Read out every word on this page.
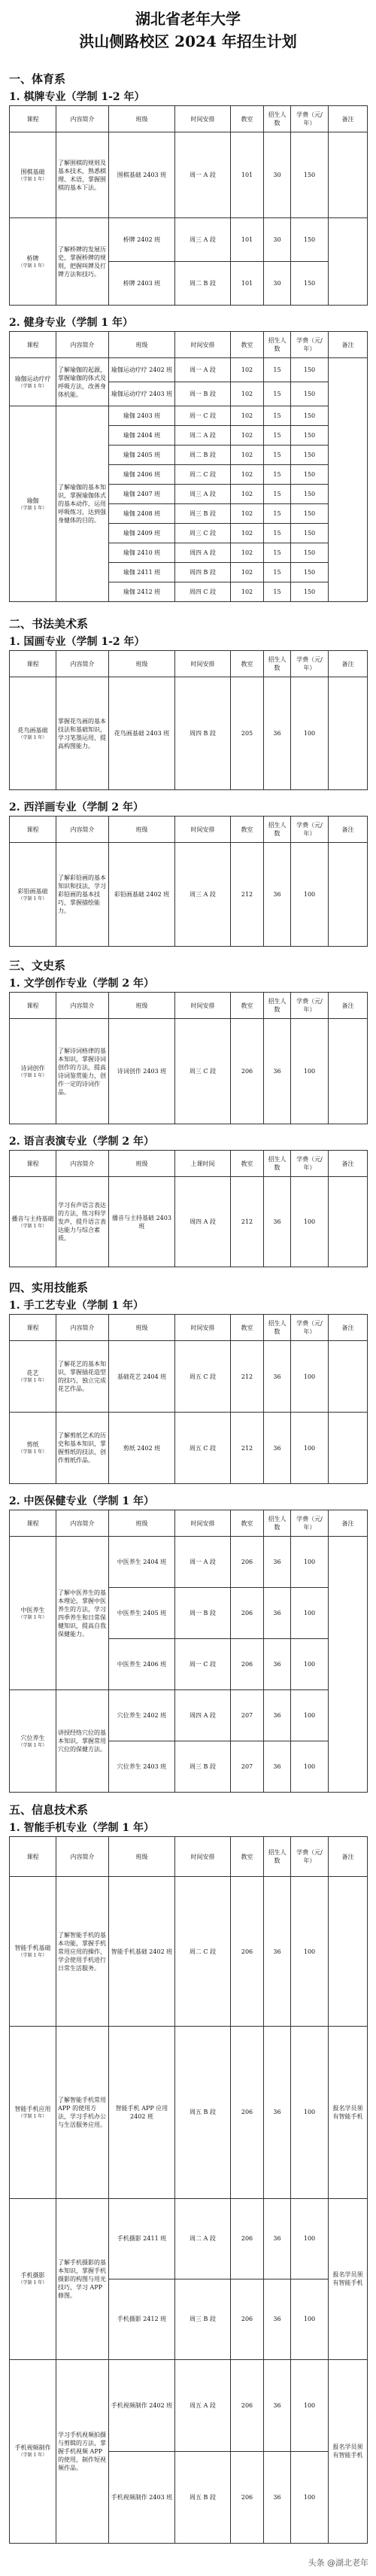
湖北省老年大学
洪山侧路校区 2024 年招生计划
一、体育系
1. 棋牌专业（学制 1-2 年）
课程	内容简介	班级	时间安排	教室	招生人数	学费（元/年）	备注
围棋基础
（学制 1 年）	了解围棋的规则及基本技术，熟悉棋理、术语，掌握围棋的基本下法。	围棋基础 2403 班	周一 A 段	101	30	150	
桥牌
（学制 1 年）	了解桥牌的发展历史，掌握桥牌的规则，把握叫牌及打牌方法和技巧。	桥牌 2402 班	周三 A 段	101	30	150	
		桥牌 2403 班	周二 B 段	101	30	150	
2. 健身专业（学制 1 年）
课程	内容简介	班级	时间安排	教室	招生人数	学费（元/年）	备注
瑜伽运动疗疗
（学制 1 年）	了解瑜伽的起源，掌握瑜伽的体式及呼吸方法，改善身体机能。	瑜伽运动疗疗 2402 班	周一 A 段	102	15	150	
		瑜伽运动疗疗 2403 班	周一 B 段	102	15	150	
瑜伽
（学制 1 年）	了解瑜伽的基本知识，掌握瑜伽体式的基本动作，运用呼吸练习，达到强身健体的目的。	瑜伽 2403 班	周一 C 段	102	15	150	
		瑜伽 2404 班	周二 A 段	102	15	150	
		瑜伽 2405 班	周二 B 段	102	15	150	
		瑜伽 2406 班	周二 C 段	102	15	150	
		瑜伽 2407 班	周三 A 段	102	15	150	
		瑜伽 2408 班	周三 B 段	102	15	150	
		瑜伽 2409 班	周三 C 段	102	15	150	
		瑜伽 2410 班	周四 A 段	102	15	150	
		瑜伽 2411 班	周四 B 段	102	15	150	
		瑜伽 2412 班	周四 C 段	102	15	150	
二、书法美术系
1. 国画专业（学制 1-2 年）
课程	内容简介	班级	时间安排	教室	招生人数	学费（元/年）	备注
花鸟画基础
（学制 1 年）	掌握花鸟画的基本技法和基础知识，学习笔墨运用，提高构图能力。	花鸟画基础 2403 班	周四 B 段	205	36	100	
2. 西洋画专业（学制 2 年）
课程	内容简介	班级	时间安排	教室	招生人数	学费（元/年）	备注
彩铅画基础
（学制 1 年）	了解彩铅画的基本知识和技法，学习彩铅画的基本技巧，掌握描绘能力。	彩铅画基础 2402 班	周三 A 段	212	36	100	
三、文史系
1. 文学创作专业（学制 2 年）
课程	内容简介	班级	时间安排	教室	招生人数	学费（元/年）	备注
诗词创作
（学制 1 年）	了解诗词格律的基本知识，掌握诗词创作的方法，提高诗词鉴赏能力，创作一定的诗词作品。	诗词创作 2403 班	周三 C 段	206	36	100	
2. 语言表演专业（学制 2 年）
课程	内容简介	班级	上课时间	教室	招生人数	学费（元/年）	备注
播音与主持基础
（学制 1 年）	学习有声语言表达的方法，练习科学发声，提升语言表达能力与综合素质。	播音与主持基础 2403 班	周四 A 段	212	36	100	
四、实用技能系
1. 手工艺专业（学制 1 年）
课程	内容简介	班级	时间安排	教室	招生人数	学费（元/年）	备注
花艺
（学制 1 年）	了解花艺的基本知识，掌握插花造型的技巧，独立完成花艺作品。	基础花艺 2404 班	周五 C 段	212	36	100	
剪纸
（学制 1 年）	了解剪纸艺术的历史和基本知识，掌握剪纸的技法，创作剪纸作品。	剪纸 2402 班	周五 C 段	212	36	100	
2. 中医保健专业（学制 1 年）
课程	内容简介	班级	时间安排	教室	招生人数	学费（元/年）	备注
中医养生
（学制 1 年）	了解中医养生的基本理论，掌握中医养生的方法，学习四季养生和日常保健知识，提高自我保健能力。	中医养生 2404 班	周一 A 段	206	36	100	
		中医养生 2405 班	周一 B 段	206	36	100	
		中医养生 2406 班	周一 C 段	206	36	100	
穴位养生
（学制 1 年）	讲授经络穴位的基本知识，掌握常用穴位的保健方法。	穴位养生 2402 班	周四 A 段	207	36	100	
		穴位养生 2403 班	周三 B 段	207	36	100	
五、信息技术系
1. 智能手机专业（学制 1 年）
课程	内容简介	班级	时间安排	教室	招生人数	学费（元/年）	备注
智能手机基础
（学制 1 年）	了解智能手机的基本功能，掌握手机常用应用的操作，学会使用手机进行日常生活服务。	智能手机基础 2402 班	周二 C 段	206	36	100	
智能手机应用
（学制 1 年）	了解智能手机常用 APP 的使用方法，学习手机办公与生活服务应用。	智能手机 APP 应用 2402 班	周五 B 段	206	36	100	报名学员须有智能手机
手机摄影
（学制 1 年）	了解手机摄影的基本知识，掌握手机摄影的构图与用光技巧，学习 APP 修图。	手机摄影 2411 班	周二 A 段	206	36	100	报名学员须有智能手机
		手机摄影 2412 班	周三 B 段	206	36	100	
手机视频制作
（学制 1 年）	学习手机视频拍摄与剪辑的方法，掌握手机视频 APP 的使用，制作短视频作品。	手机视频制作 2402 班	周五 A 段	206	36	100	报名学员须有智能手机
		手机视频制作 2403 班	周五 B 段	206	36	100	
头条 @湖北老年
